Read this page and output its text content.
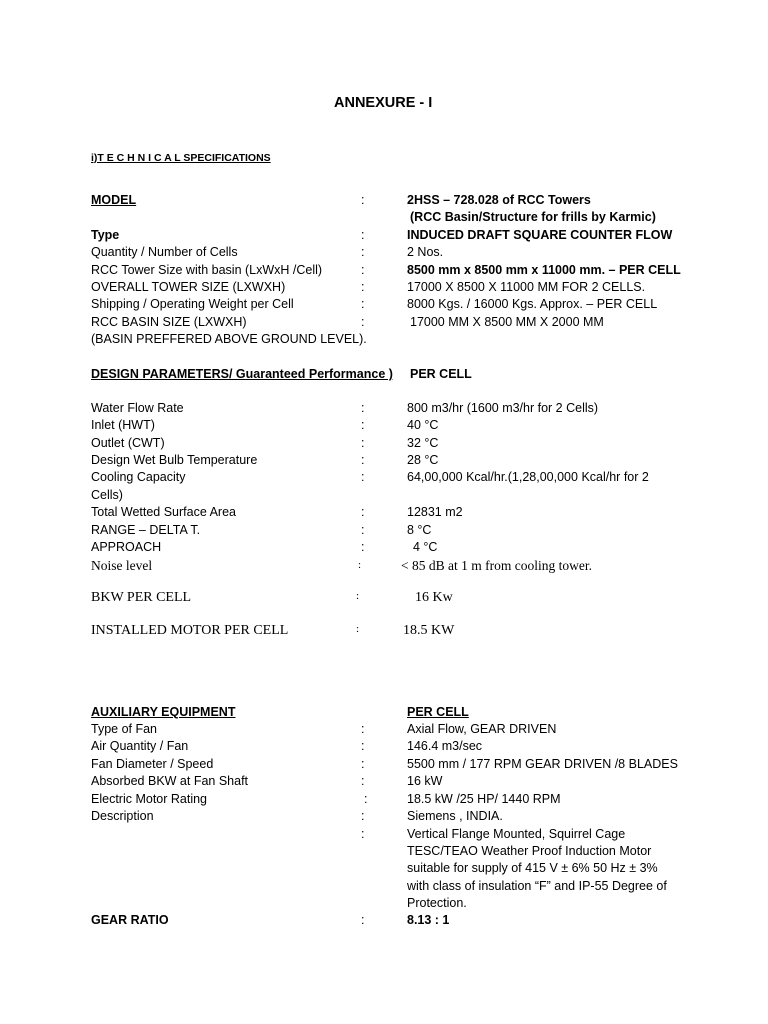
ANNEXURE - I
i)T E C H N I C A L SPECIFICATIONS
MODEL	:	2HSS – 728.028 of RCC Towers
(RCC Basin/Structure for frills by Karmic)
Type	:	INDUCED DRAFT SQUARE COUNTER FLOW
Quantity / Number of Cells	:	2 Nos.
RCC Tower Size with basin (LxWxH /Cell)	:	8500 mm x 8500 mm x 11000 mm. – PER CELL
OVERALL TOWER SIZE (LXWXH)	:	17000 X 8500 X 11000 MM FOR 2 CELLS.
Shipping / Operating Weight per Cell	:	8000 Kgs. / 16000 Kgs. Approx. – PER CELL
RCC BASIN SIZE (LXWXH)	:	17000 MM X 8500 MM X 2000 MM
(BASIN PREFFERED ABOVE GROUND LEVEL).
DESIGN PARAMETERS/ Guaranteed Performance ) PER CELL
Water Flow Rate	:	800 m3/hr (1600 m3/hr for 2 Cells)
Inlet (HWT)	:	40 °C
Outlet (CWT)	:	32 °C
Design Wet Bulb Temperature	:	28 °C
Cooling Capacity	:	64,00,000 Kcal/hr.(1,28,00,000 Kcal/hr for 2
Cells)
Total Wetted Surface Area	:	12831 m2
RANGE – DELTA T.	:	8 °C
APPROACH	:	4 °C
Noise level	:	< 85 dB at 1 m from cooling tower.
BKW PER CELL	:	16 Kw
INSTALLED MOTOR PER CELL	:	18.5 KW
AUXILIARY EQUIPMENT	PER CELL
Type of Fan	:	Axial Flow, GEAR DRIVEN
Air Quantity / Fan	:	146.4 m3/sec
Fan Diameter / Speed	:	5500 mm / 177 RPM GEAR DRIVEN /8 BLADES
Absorbed BKW at Fan Shaft	:	16 kW
Electric Motor Rating	:	18.5 kW /25 HP/ 1440 RPM
Description	:	Siemens , INDIA.
:	Vertical Flange Mounted, Squirrel Cage
TESC/TEAO Weather Proof Induction Motor
suitable for supply of 415 V ± 6% 50 Hz ± 3%
with class of insulation “F” and IP-55 Degree of
Protection.
GEAR RATIO	:	8.13 : 1
